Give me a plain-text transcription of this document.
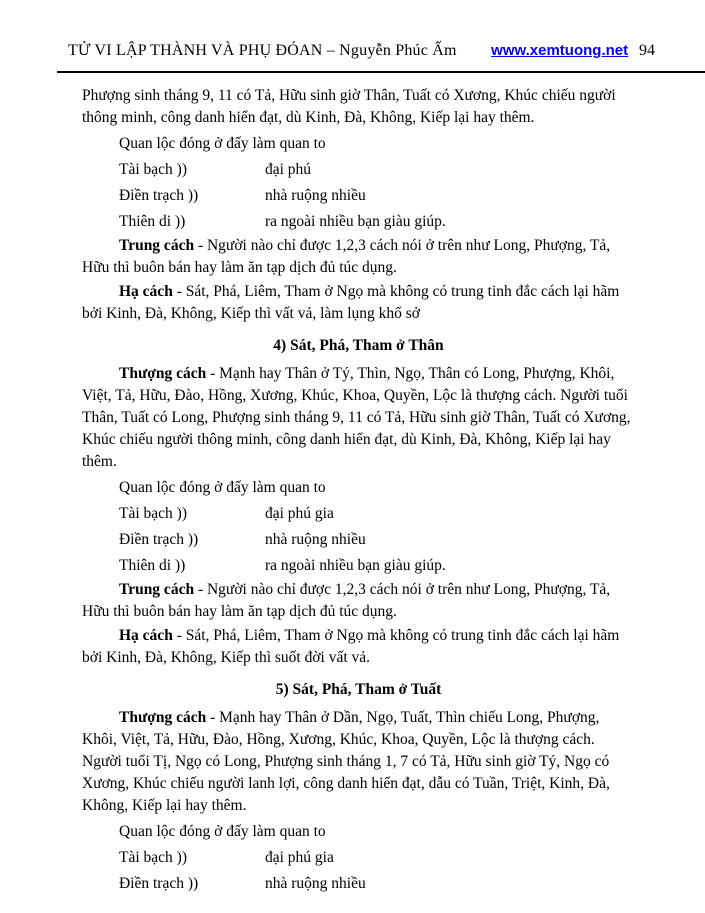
TỬ VI LẬP THÀNH VÀ PHỤ ĐÓAN – Nguyễn Phúc Ấm www.xemtuong.net 94

Phượng sinh tháng 9, 11 có Tả, Hữu sinh giờ Thân, Tuất có Xương, Khúc chiếu người thông minh, công danh hiển đạt, dù Kinh, Đà, Không, Kiếp lại hay thêm.

Quan lộc đóng ở đấy làm quan to

Tài bạch ))	đại phú
Điền trạch ))	nhà ruộng nhiều
Thiên di ))	ra ngoài nhiều bạn giàu giúp.

Trung cách - Người nào chỉ được 1,2,3 cách nói ở trên như Long, Phượng, Tả, Hữu thì buôn bán hay làm ăn tạp dịch đủ túc dụng.

Hạ cách - Sát, Phá, Liêm, Tham ở Ngọ mà không có trung tinh đắc cách lại hãm bởi Kinh, Đà, Không, Kiếp thì vất vả, làm lụng khổ sở

4) Sát, Phá, Tham ở Thân

Thượng cách - Mạnh hay Thân ở Tý, Thìn, Ngọ, Thân có Long, Phượng, Khôi, Việt, Tả, Hữu, Đào, Hồng, Xương, Khúc, Khoa, Quyền, Lộc là thượng cách. Người tuổi Thân, Tuất có Long, Phượng sinh tháng 9, 11 có Tả, Hữu sinh giờ Thân, Tuất có Xương, Khúc chiếu người thông minh, công danh hiển đạt, dù Kinh, Đà, Không, Kiếp lại hay thêm.

Quan lộc đóng ở đấy làm quan to

Tài bạch ))	đại phú gia
Điền trạch ))	nhà ruộng nhiều
Thiên di ))	ra ngoài nhiều bạn giàu giúp.

Trung cách - Người nào chỉ được 1,2,3 cách nói ở trên như Long, Phượng, Tả, Hữu thì buôn bán hay làm ăn tạp dịch đủ túc dụng.

Hạ cách - Sát, Phá, Liêm, Tham ở Ngọ mà không có trung tinh đắc cách lại hãm bởi Kinh, Đà, Không, Kiếp thì suốt đời vất vả.

5) Sát, Phá, Tham ở Tuất

Thượng cách - Mạnh hay Thân ở Dần, Ngọ, Tuất, Thìn chiếu Long, Phượng, Khôi, Việt, Tả, Hữu, Đào, Hồng, Xương, Khúc, Khoa, Quyền, Lộc là thượng cách. Người tuổi Tị, Ngọ có Long, Phượng sinh tháng 1, 7 có Tả, Hữu sinh giờ Tý, Ngọ có Xương, Khúc chiếu người lanh lợi, công danh hiển đạt, dẫu có Tuần, Triệt, Kinh, Đà, Không, Kiếp lại hay thêm.

Quan lộc đóng ở đấy làm quan to

Tài bạch ))	đại phú gia
Điền trạch ))	nhà ruộng nhiều
